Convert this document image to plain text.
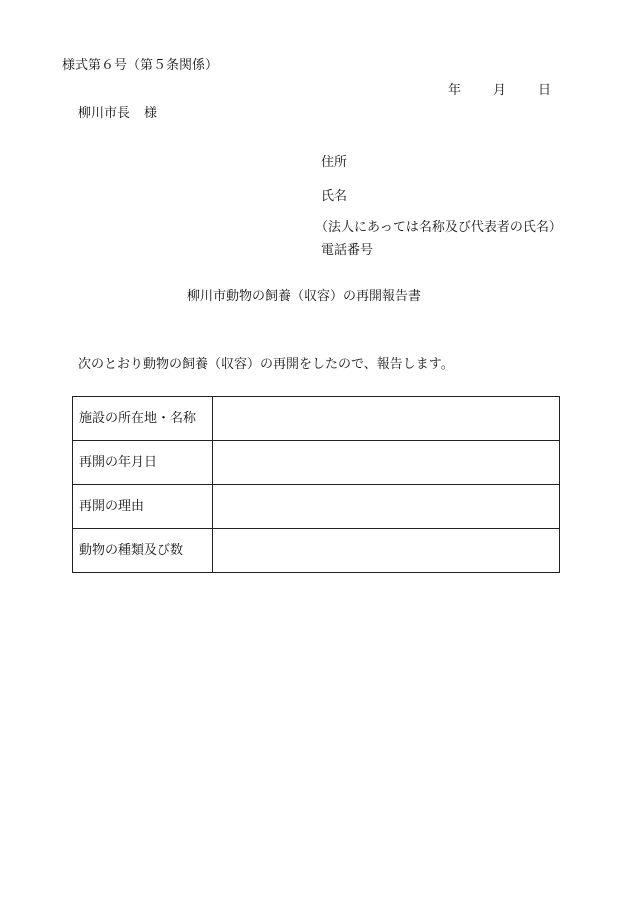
様式第６号（第５条関係）
年 月 日
柳川市長 様
住所
氏名
（法人にあっては名称及び代表者の氏名）
電話番号
柳川市動物の飼養（収容）の再開報告書
次のとおり動物の飼養（収容）の再開をしたので、報告します。
施設の所在地・名称	
再開の年月日	
再開の理由	
動物の種類及び数	
